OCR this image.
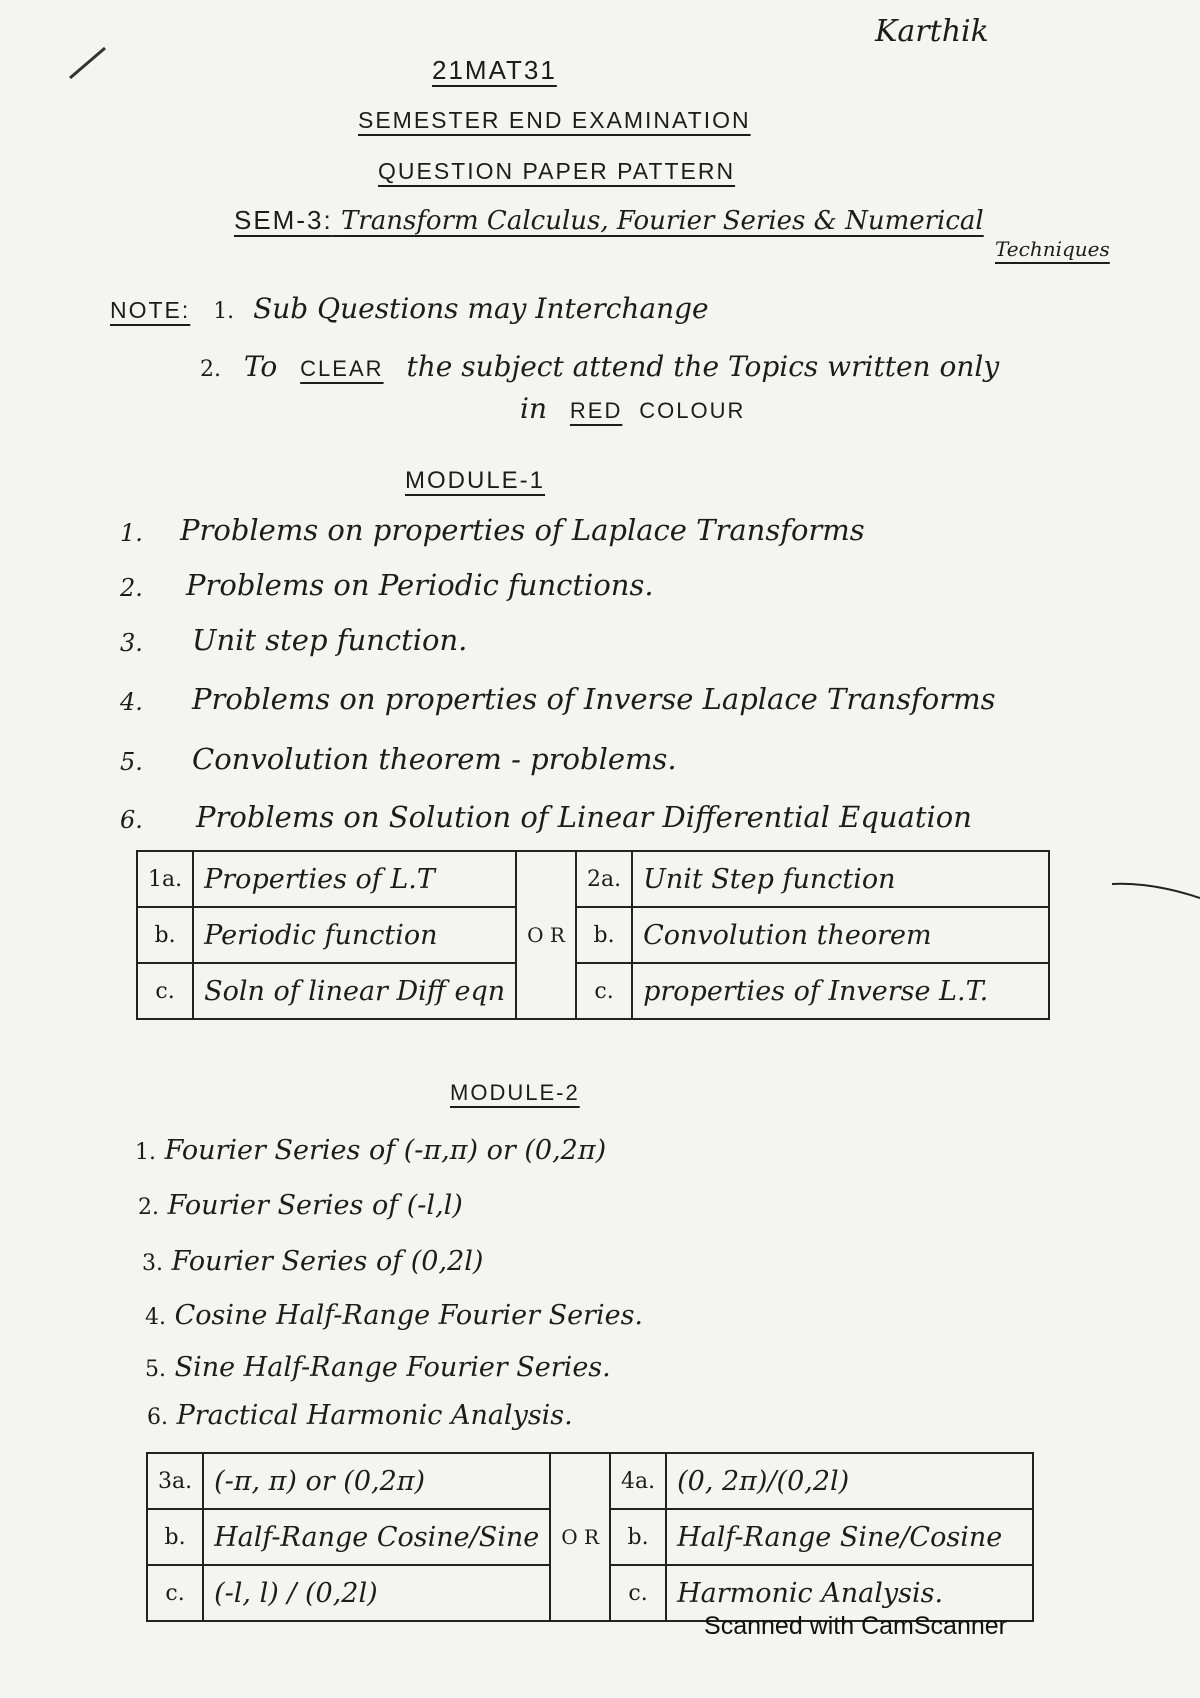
Karthik
21MAT31
SEMESTER END EXAMINATION
QUESTION PAPER PATTERN
SEM-3: Transform Calculus, Fourier Series & Numerical
Techniques
NOTE: 1. Sub Questions may Interchange
2. To CLEAR the subject attend the Topics written only
in RED COLOUR
MODULE-1
1. Problems on properties of Laplace Transforms
2. Problems on Periodic functions.
3. Unit step function.
4. Problems on properties of Inverse Laplace Transforms
5. Convolution theorem - problems.
6. Problems on Solution of Linear Differential Equation
1a.	Properties of L.T	O R	2a.	Unit Step function
b.	Periodic function		b.	Convolution theorem
c.	Soln of linear Diff eqn		c.	properties of Inverse L.T.
MODULE-2
1. Fourier Series of (-π,π) or (0,2π)
2. Fourier Series of (-l,l)
3. Fourier Series of (0,2l)
4. Cosine Half-Range Fourier Series.
5. Sine Half-Range Fourier Series.
6. Practical Harmonic Analysis.
3a.	(-π, π) or (0,2π)	O R	4a.	(0, 2π)/(0,2l)
b.	Half-Range Cosine/Sine		b.	Half-Range Sine/Cosine
c.	(-l, l) / (0,2l)		c.	Harmonic Analysis.
Scanned with CamScanner
